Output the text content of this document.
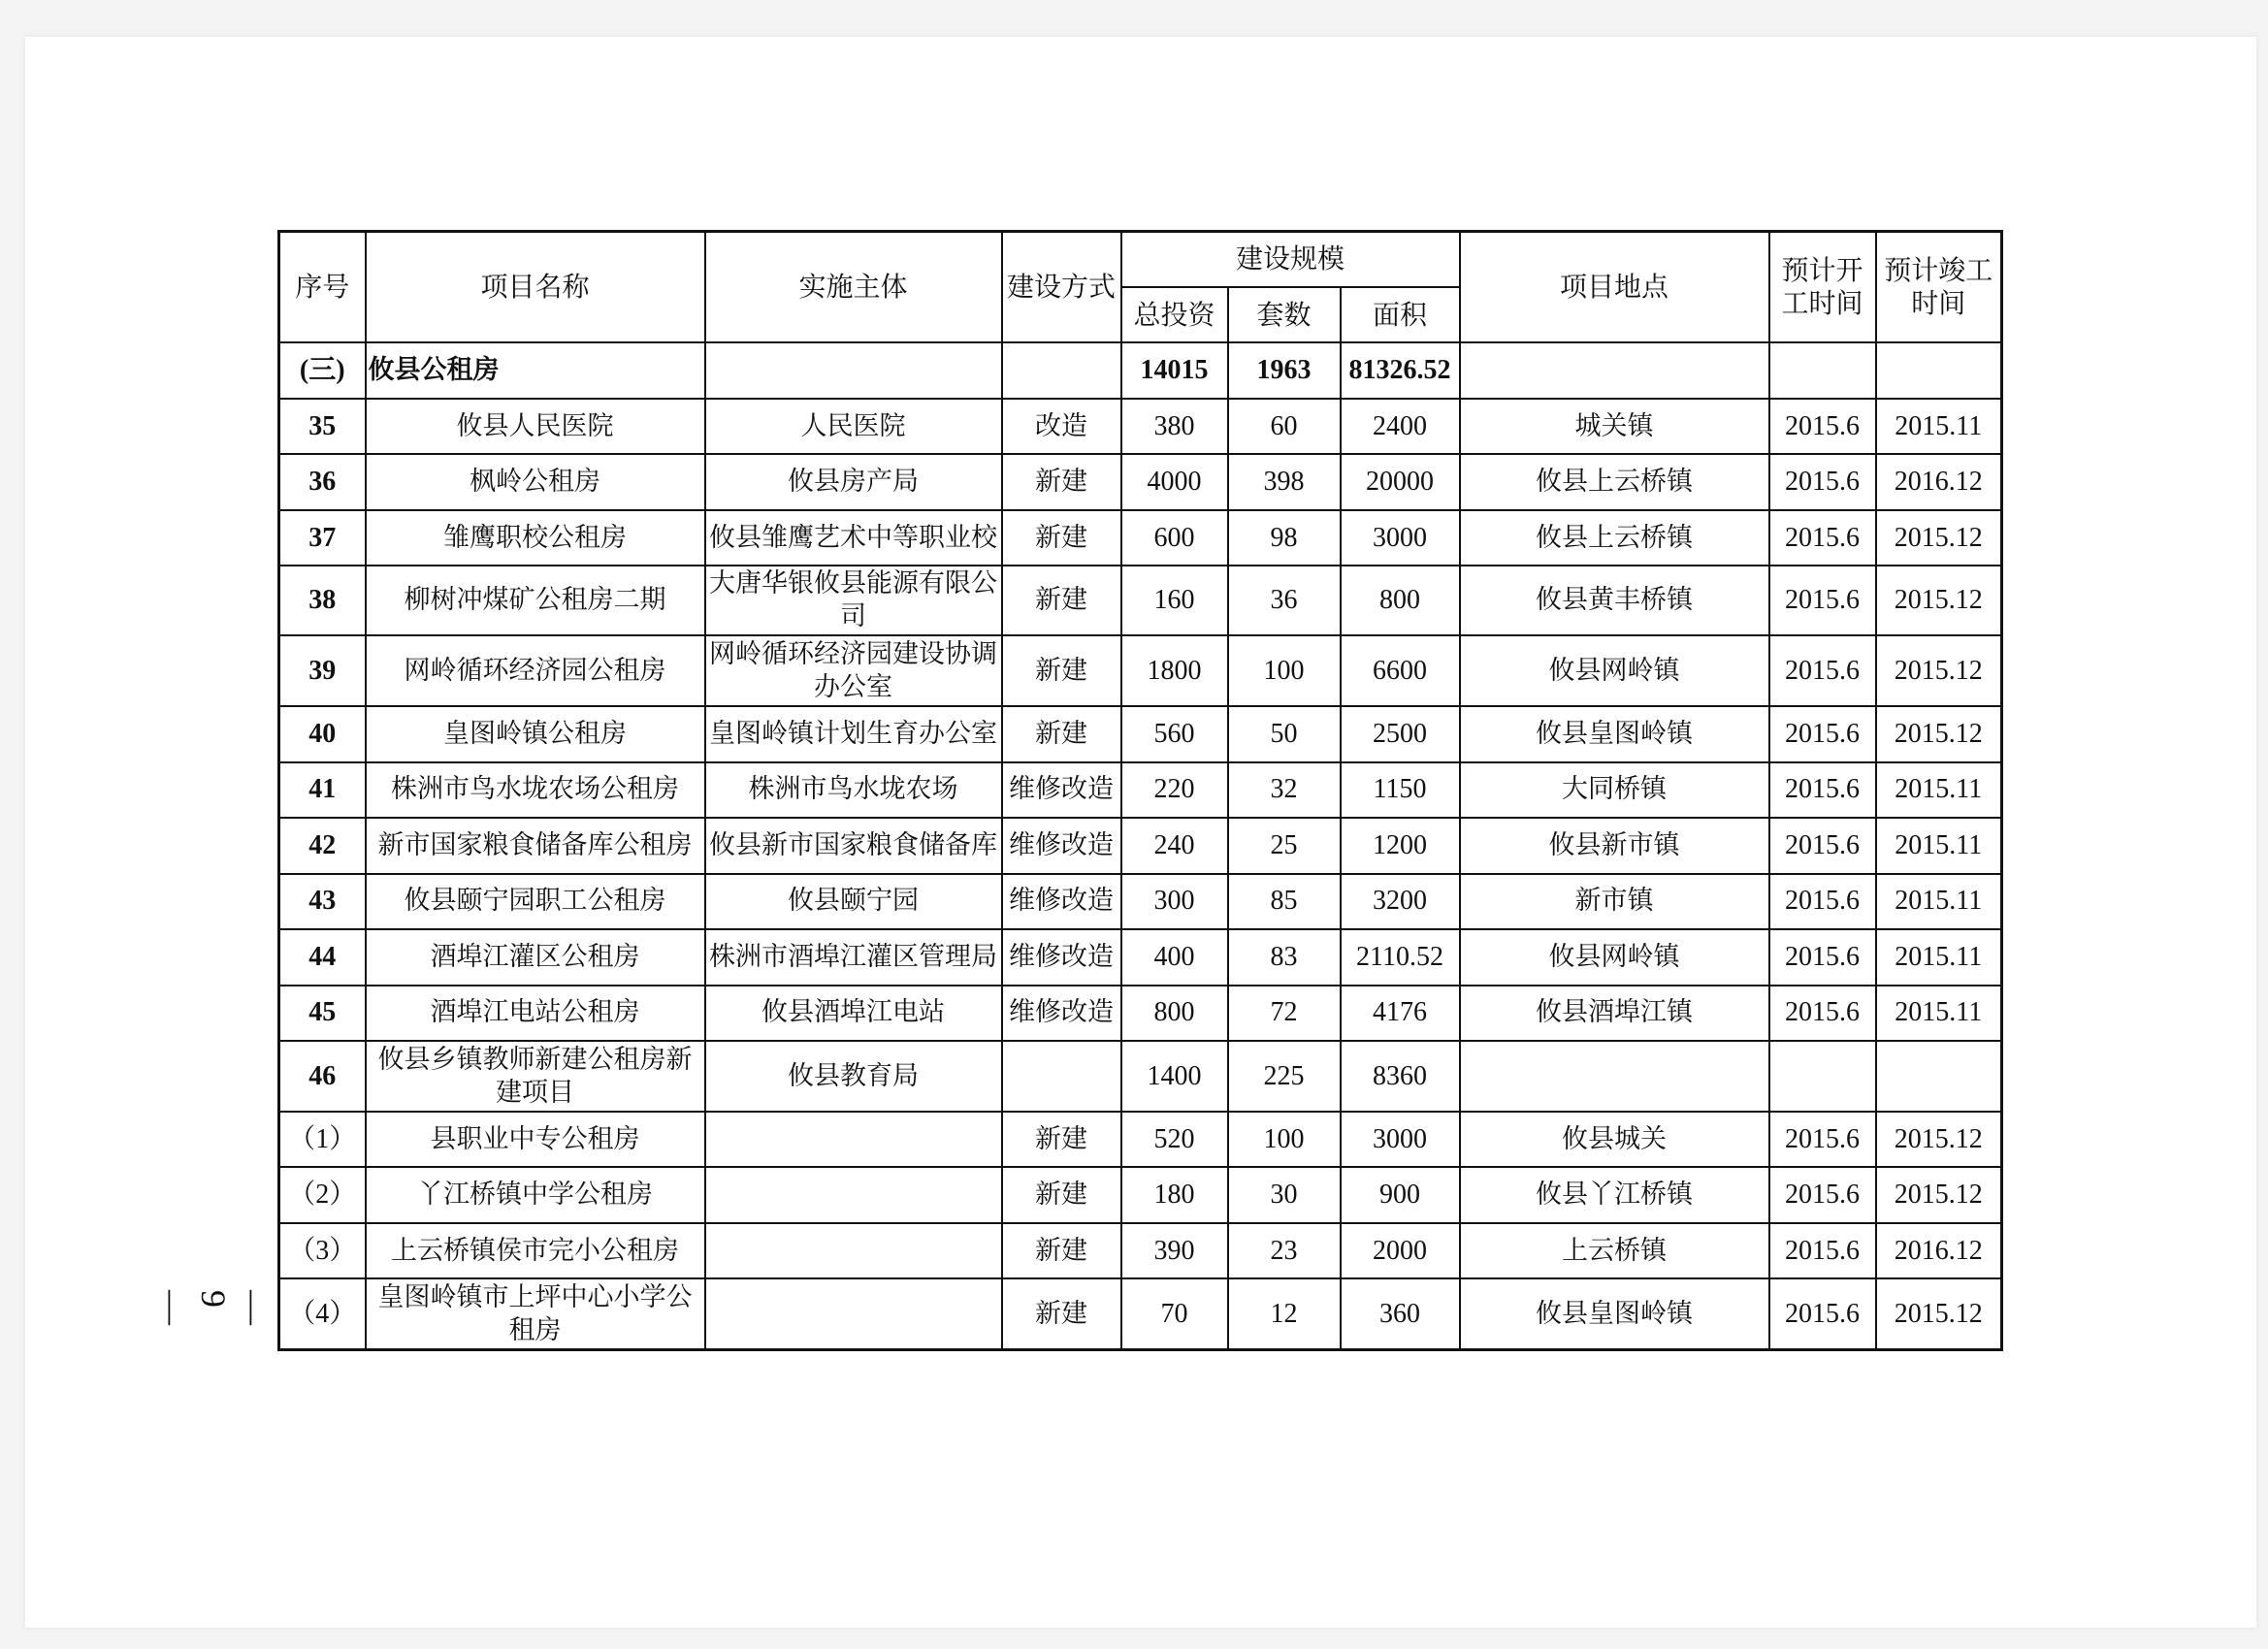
序号	项目名称	实施主体	建设方式	建设规模			项目地点	预计开工时间	预计竣工时间
				总投资	套数	面积			
(三)	攸县公租房			14015	1963	81326.52			
35	攸县人民医院	人民医院	改造	380	60	2400	城关镇	2015.6	2015.11
36	枫岭公租房	攸县房产局	新建	4000	398	20000	攸县上云桥镇	2015.6	2016.12
37	雏鹰职校公租房	攸县雏鹰艺术中等职业校	新建	600	98	3000	攸县上云桥镇	2015.6	2015.12
38	柳树冲煤矿公租房二期	大唐华银攸县能源有限公司	新建	160	36	800	攸县黄丰桥镇	2015.6	2015.12
39	网岭循环经济园公租房	网岭循环经济园建设协调办公室	新建	1800	100	6600	攸县网岭镇	2015.6	2015.12
40	皇图岭镇公租房	皇图岭镇计划生育办公室	新建	560	50	2500	攸县皇图岭镇	2015.6	2015.12
41	株洲市鸟水垅农场公租房	株洲市鸟水垅农场	维修改造	220	32	1150	大同桥镇	2015.6	2015.11
42	新市国家粮食储备库公租房	攸县新市国家粮食储备库	维修改造	240	25	1200	攸县新市镇	2015.6	2015.11
43	攸县颐宁园职工公租房	攸县颐宁园	维修改造	300	85	3200	新市镇	2015.6	2015.11
44	酒埠江灌区公租房	株洲市酒埠江灌区管理局	维修改造	400	83	2110.52	攸县网岭镇	2015.6	2015.11
45	酒埠江电站公租房	攸县酒埠江电站	维修改造	800	72	4176	攸县酒埠江镇	2015.6	2015.11
46	攸县乡镇教师新建公租房新建项目	攸县教育局		1400	225	8360			
（1）	县职业中专公租房		新建	520	100	3000	攸县城关	2015.6	2015.12
（2）	丫江桥镇中学公租房		新建	180	30	900	攸县丫江桥镇	2015.6	2015.12
（3）	上云桥镇侯市完小公租房		新建	390	23	2000	上云桥镇	2015.6	2016.12
（4）	皇图岭镇市上坪中心小学公租房		新建	70	12	360	攸县皇图岭镇	2015.6	2015.12
— 9 —
